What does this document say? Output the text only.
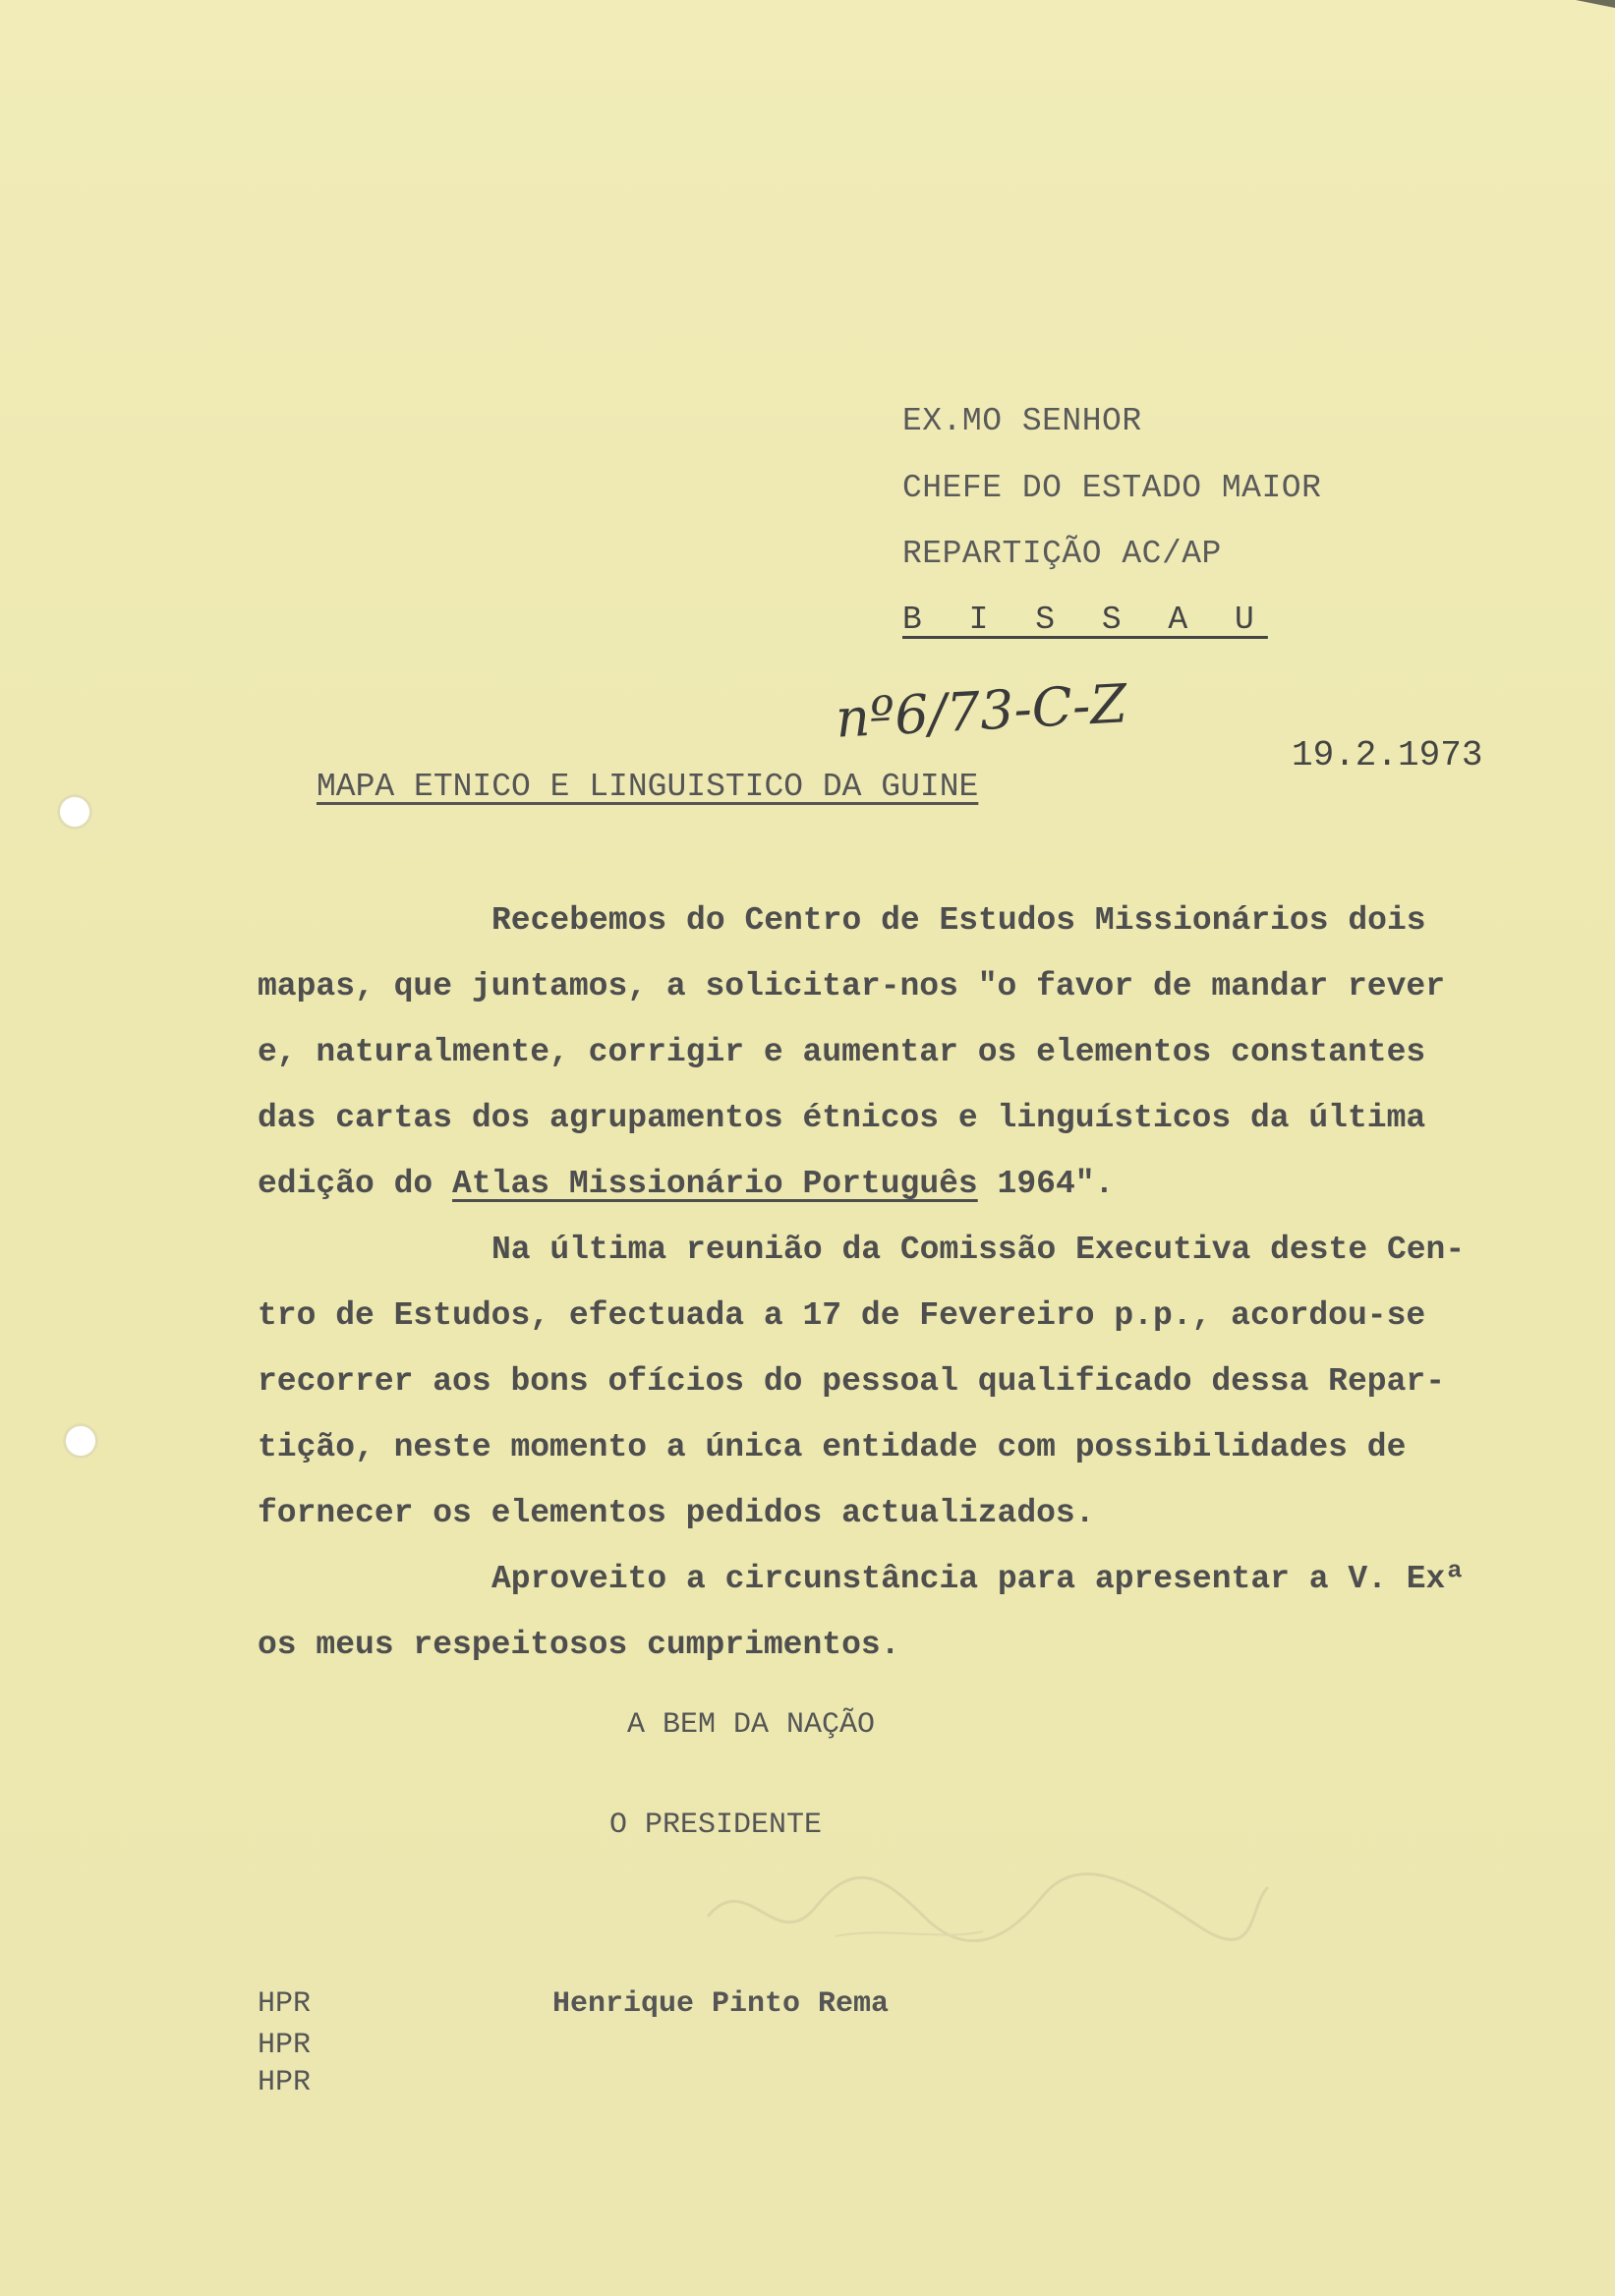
EX.MO SENHOR
CHEFE DO ESTADO MAIOR
REPARTIÇÃO AC/AP
B I S S A U
nº6/73-C-Z
19.2.1973
MAPA ETNICO E LINGUISTICO DA GUINE
Recebemos do Centro de Estudos Missionários dois
mapas, que juntamos, a solicitar-nos "o favor de mandar rever
e, naturalmente, corrigir e aumentar os elementos constantes
das cartas dos agrupamentos étnicos e linguísticos da última
edição do Atlas Missionário Português 1964".
Na última reunião da Comissão Executiva deste Cen-
tro de Estudos, efectuada a 17 de Fevereiro p.p., acordou-se
recorrer aos bons ofícios do pessoal qualificado dessa Repar-
tição, neste momento a única entidade com possibilidades de
fornecer os elementos pedidos actualizados.
Aproveito a circunstância para apresentar a V. Exª
os meus respeitosos cumprimentos.
A BEM DA NAÇÃO
O PRESIDENTE
Henrique Pinto Rema
HPR
HPR
HPR
